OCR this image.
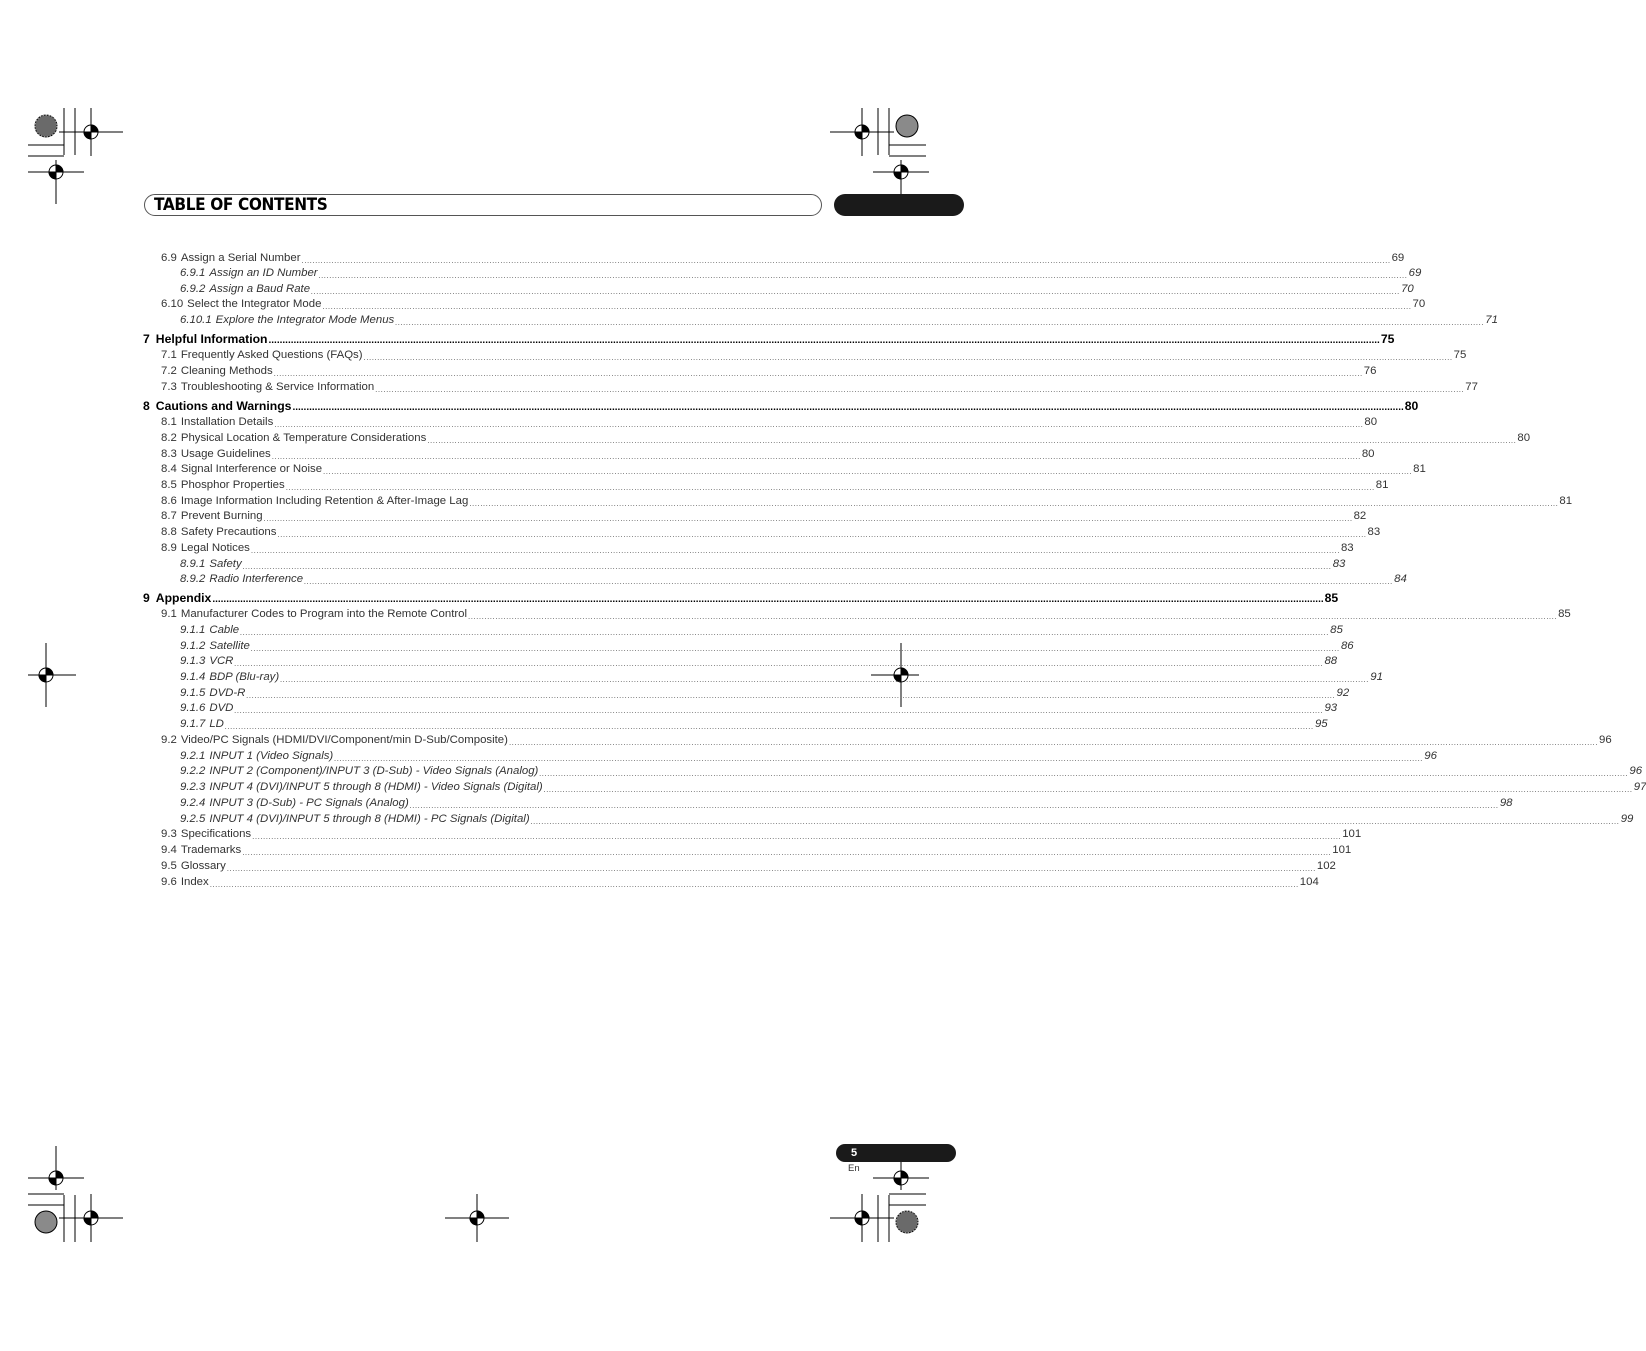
TABLE OF CONTENTS
6.9 Assign a Serial Number ................................................................................................................................................................................................................................................................................................................................................................................................................ 69
6.9.1 Assign an ID Number ................................................................................................................................................................................................................................................................................................................................................................................................................ 69
6.9.2 Assign a Baud Rate ................................................................................................................................................................................................................................................................................................................................................................................................................ 70
6.10 Select the Integrator Mode ................................................................................................................................................................................................................................................................................................................................................................................................................ 70
6.10.1 Explore the Integrator Mode Menus ................................................................................................................................................................................................................................................................................................................................................................................................................ 71
7 Helpful Information ................................................................................................................................................................................................................................................................................................................................................................................................................ 75
7.1 Frequently Asked Questions (FAQs) ................................................................................................................................................................................................................................................................................................................................................................................................................ 75
7.2 Cleaning Methods ................................................................................................................................................................................................................................................................................................................................................................................................................ 76
7.3 Troubleshooting & Service Information ................................................................................................................................................................................................................................................................................................................................................................................................................ 77
8 Cautions and Warnings ................................................................................................................................................................................................................................................................................................................................................................................................................ 80
8.1 Installation Details ................................................................................................................................................................................................................................................................................................................................................................................................................ 80
8.2 Physical Location & Temperature Considerations ................................................................................................................................................................................................................................................................................................................................................................................................................ 80
8.3 Usage Guidelines ................................................................................................................................................................................................................................................................................................................................................................................................................ 80
8.4 Signal Interference or Noise ................................................................................................................................................................................................................................................................................................................................................................................................................ 81
8.5 Phosphor Properties ................................................................................................................................................................................................................................................................................................................................................................................................................ 81
8.6 Image Information Including Retention & After-Image Lag ................................................................................................................................................................................................................................................................................................................................................................................................................ 81
8.7 Prevent Burning ................................................................................................................................................................................................................................................................................................................................................................................................................ 82
8.8 Safety Precautions ................................................................................................................................................................................................................................................................................................................................................................................................................ 83
8.9 Legal Notices ................................................................................................................................................................................................................................................................................................................................................................................................................ 83
8.9.1 Safety ................................................................................................................................................................................................................................................................................................................................................................................................................ 83
8.9.2 Radio Interference ................................................................................................................................................................................................................................................................................................................................................................................................................ 84
9 Appendix ................................................................................................................................................................................................................................................................................................................................................................................................................ 85
9.1 Manufacturer Codes to Program into the Remote Control ................................................................................................................................................................................................................................................................................................................................................................................................................ 85
9.1.1 Cable ................................................................................................................................................................................................................................................................................................................................................................................................................ 85
9.1.2 Satellite ................................................................................................................................................................................................................................................................................................................................................................................................................ 86
9.1.3 VCR ................................................................................................................................................................................................................................................................................................................................................................................................................ 88
9.1.4 BDP (Blu-ray) ................................................................................................................................................................................................................................................................................................................................................................................................................ 91
9.1.5 DVD-R ................................................................................................................................................................................................................................................................................................................................................................................................................ 92
9.1.6 DVD ................................................................................................................................................................................................................................................................................................................................................................................................................ 93
9.1.7 LD ................................................................................................................................................................................................................................................................................................................................................................................................................ 95
9.2 Video/PC Signals (HDMI/DVI/Component/min D-Sub/Composite) ................................................................................................................................................................................................................................................................................................................................................................................................................ 96
9.2.1 INPUT 1 (Video Signals) ................................................................................................................................................................................................................................................................................................................................................................................................................ 96
9.2.2 INPUT 2 (Component)/INPUT 3 (D-Sub) - Video Signals (Analog) ................................................................................................................................................................................................................................................................................................................................................................................................................ 96
9.2.3 INPUT 4 (DVI)/INPUT 5 through 8 (HDMI) - Video Signals (Digital) ................................................................................................................................................................................................................................................................................................................................................................................................................ 97
9.2.4 INPUT 3 (D-Sub) - PC Signals (Analog) ................................................................................................................................................................................................................................................................................................................................................................................................................ 98
9.2.5 INPUT 4 (DVI)/INPUT 5 through 8 (HDMI) - PC Signals (Digital) ................................................................................................................................................................................................................................................................................................................................................................................................................ 99
9.3 Specifications ................................................................................................................................................................................................................................................................................................................................................................................................................ 101
9.4 Trademarks ................................................................................................................................................................................................................................................................................................................................................................................................................ 101
9.5 Glossary ................................................................................................................................................................................................................................................................................................................................................................................................................ 102
9.6 Index ................................................................................................................................................................................................................................................................................................................................................................................................................ 104
5
En
